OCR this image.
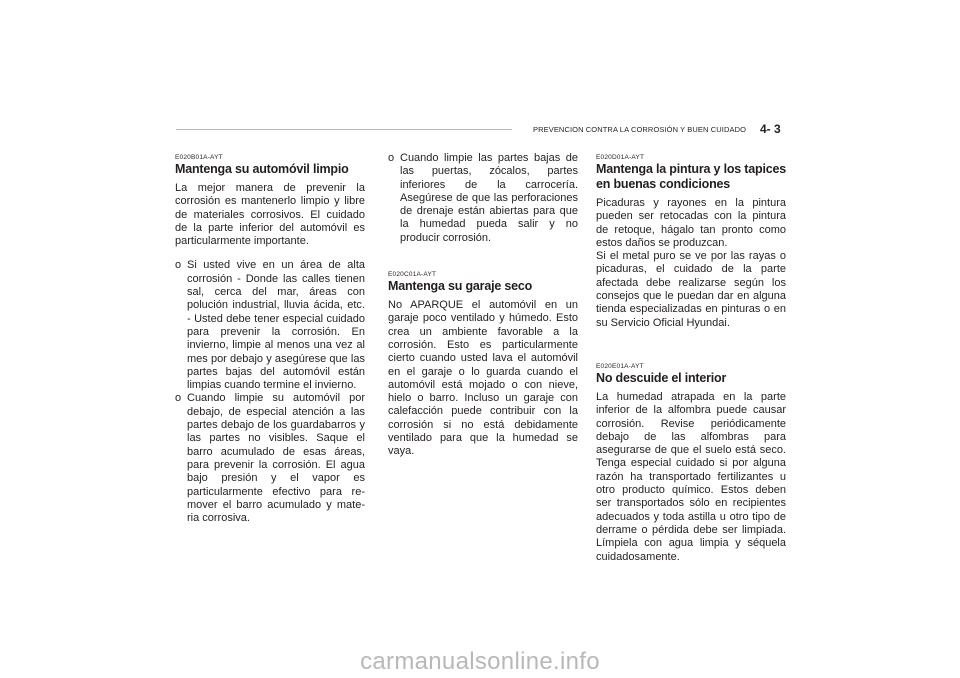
PREVENCION CONTRA LA CORROSIÓN Y BUEN CUIDADO 4- 3

E020B01A-AYT

Mantenga su automóvil limpio

La mejor manera de prevenir la corrosión es mantenerlo limpio y libre de materiales corrosivos. El cuidado de la parte inferior del automóvil es particularmente importante.

o Si usted vive en un área de alta corrosión - Donde las calles tienen sal, cerca del mar, áreas con polución industrial, lluvia ácida, etc. - Usted debe tener especial cuidado para prevenir la corrosión. En invierno, limpie al menos una vez al mes por debajo y asegúrese que las partes bajas del automóvil están limpias cuando termine el invierno.
o Cuando limpie su automóvil por debajo, de especial atención a las partes debajo de los guardabarros y las partes no visibles. Saque el barro acumulado de esas áreas, para prevenir la corrosión. El agua bajo presión y el vapor es particularmente efectivo para re-mover el barro acumulado y mate-ria corrosiva.
o Cuando limpie las partes bajas de las puertas, zócalos, partes inferiores de la carrocería. Asegúrese de que las perforaciones de drenaje están abiertas para que la humedad pueda salir y no producir corrosión.

E020C01A-AYT

Mantenga su garaje seco

No APARQUE el automóvil en un garaje poco ventilado y húmedo. Esto crea un ambiente favorable a la corrosión. Esto es particularmente cierto cuando usted lava el automóvil en el garaje o lo guarda cuando el automóvil está mojado o con nieve, hielo o barro. Incluso un garaje con calefacción puede contribuir con la corrosión si no está debidamente ventilado para que la humedad se vaya.

E020D01A-AYT

Mantenga la pintura y los tapices en buenas condiciones

Picaduras y rayones en la pintura pueden ser retocadas con la pintura de retoque, hágalo tan pronto como estos daños se produzcan.
Si el metal puro se ve por las rayas o picaduras, el cuidado de la parte afectada debe realizarse según los consejos que le puedan dar en alguna tienda especializadas en pinturas o en su Servicio Oficial Hyundai.

E020E01A-AYT

No descuide el interior

La humedad atrapada en la parte inferior de la alfombra puede causar corrosión. Revise periódicamente debajo de las alfombras para asegurarse de que el suelo está seco. Tenga especial cuidado si por alguna razón ha transportado fertilizantes u otro producto químico. Estos deben ser transportados sólo en recipientes adecuados y toda astilla u otro tipo de derrame o pérdida debe ser limpiada. Límpiela con agua limpia y séquela cuidadosamente.

carmanualsonline.info
